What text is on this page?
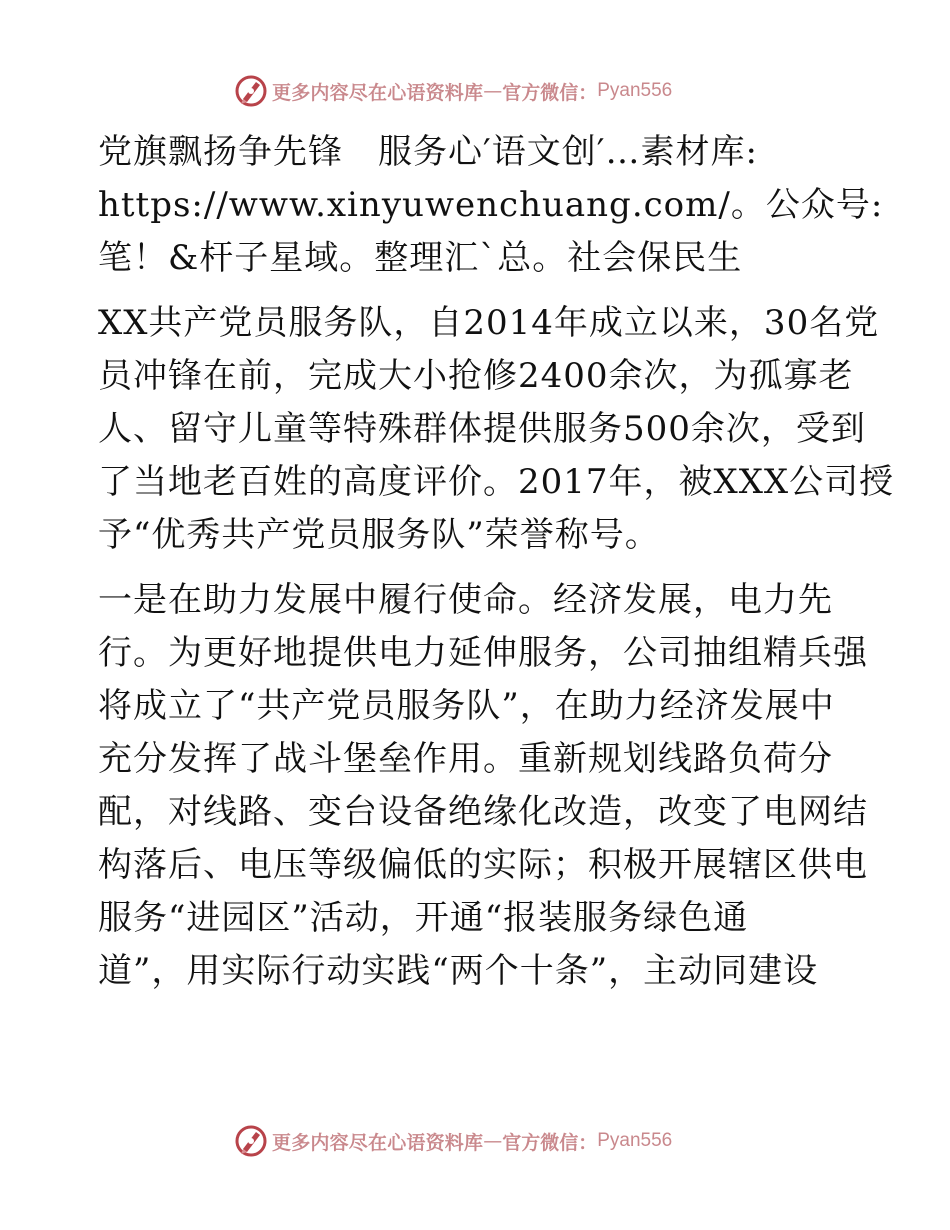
更多内容尽在心语资料库 — 官方微信： Pyan556

党旗飘扬争先锋　服务心′语文创′…素材库:
https://www.xinyuwenchuang.com/。公众号:
笔！&杆子星域。整理汇`总。社会保民生

XX共产党员服务队，自2014年成立以来，30名党
员冲锋在前，完成大小抢修2400余次，为孤寡老
人、留守儿童等特殊群体提供服务500余次，受到
了当地老百姓的高度评价。2017年，被XXX公司授
予“优秀共产党员服务队”荣誉称号。

一是在助力发展中履行使命。经济发展，电力先
行。为更好地提供电力延伸服务，公司抽组精兵强
将成立了“共产党员服务队”，在助力经济发展中
充分发挥了战斗堡垒作用。重新规划线路负荷分
配，对线路、变台设备绝缘化改造，改变了电网结
构落后、电压等级偏低的实际；积极开展辖区供电
服务“进园区”活动，开通“报装服务绿色通
道”，用实际行动实践“两个十条”，主动同建设

更多内容尽在心语资料库 — 官方微信： Pyan556
